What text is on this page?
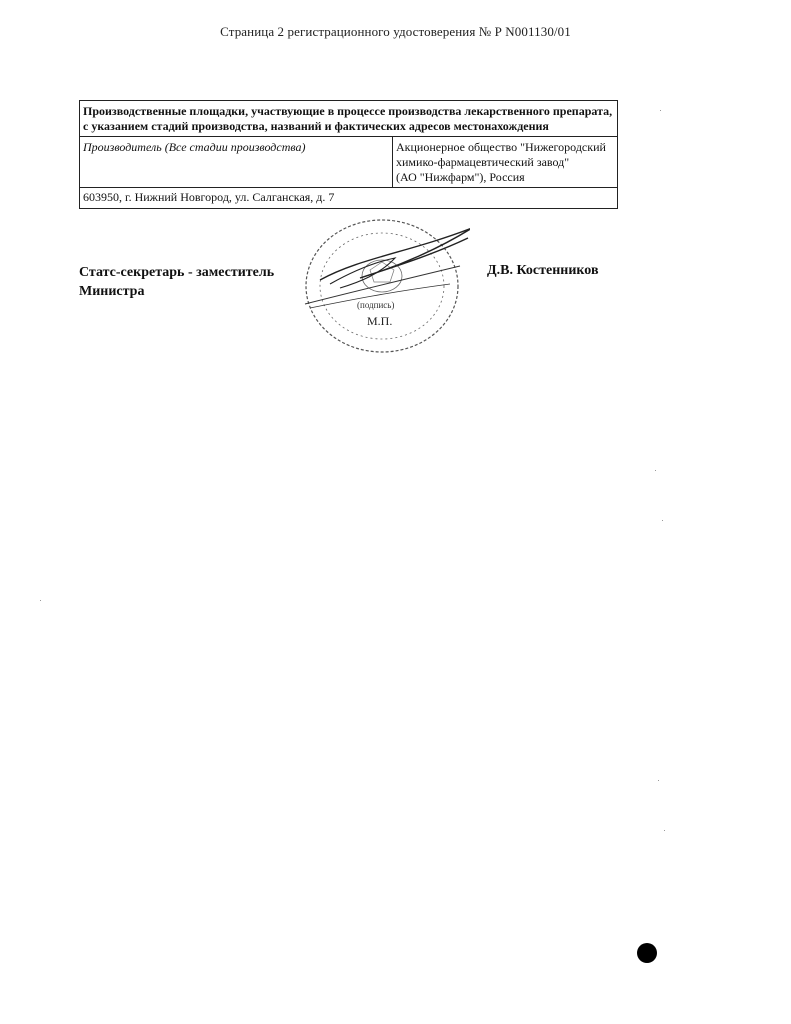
Страница 2 регистрационного удостоверения № Р N001130/01
Производственные площадки, участвующие в процессе производства лекарственного препарата, с указанием стадий производства, названий и фактических адресов местонахождения
Производитель (Все стадии производства)	Акционерное общество "Нижегородский
химико-фармацевтический завод"
(АО "Нижфарм"), Россия

603950, г. Нижний Новгород, ул. Салганская, д. 7
Статс-секретарь - заместитель
Министра
(подпись)
М.П.
Д.В. Костенников
